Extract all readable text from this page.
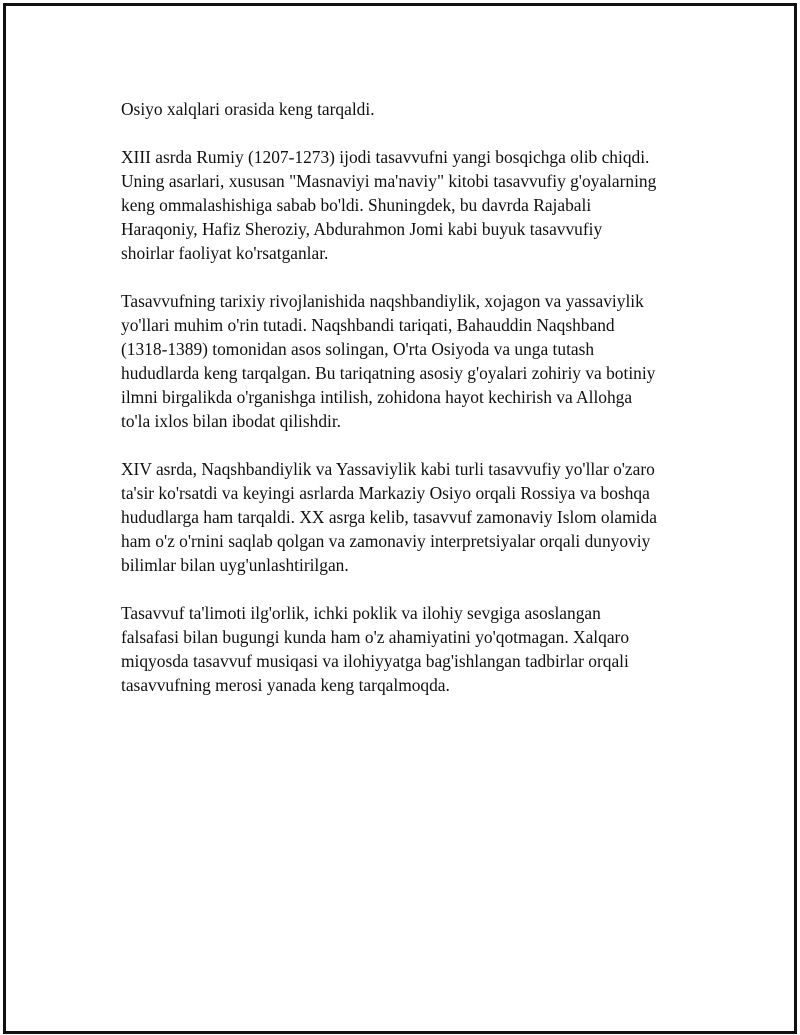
Osiyo xalqlari orasida keng tarqaldi.

XIII asrda Rumiy (1207-1273) ijodi tasavvufni yangi bosqichga olib chiqdi.
Uning asarlari, xususan "Masnaviyi ma'naviy" kitobi tasavvufiy g'oyalarning
keng ommalashishiga sabab bo'ldi. Shuningdek, bu davrda Rajabali
Haraqoniy, Hafiz Sheroziy, Abdurahmon Jomi kabi buyuk tasavvufiy
shoirlar faoliyat ko'rsatganlar.

Tasavvufning tarixiy rivojlanishida naqshbandiylik, xojagon va yassaviylik
yo'llari muhim o'rin tutadi. Naqshbandi tariqati, Bahauddin Naqshband
(1318-1389) tomonidan asos solingan, O'rta Osiyoda va unga tutash
hududlarda keng tarqalgan. Bu tariqatning asosiy g'oyalari zohiriy va botiniy
ilmni birgalikda o'rganishga intilish, zohidona hayot kechirish va Allohga
to'la ixlos bilan ibodat qilishdir.

XIV asrda, Naqshbandiylik va Yassaviylik kabi turli tasavvufiy yo'llar o'zaro
ta'sir ko'rsatdi va keyingi asrlarda Markaziy Osiyo orqali Rossiya va boshqa
hududlarga ham tarqaldi. XX asrga kelib, tasavvuf zamonaviy Islom olamida
ham o'z o'rnini saqlab qolgan va zamonaviy interpretsiyalar orqali dunyoviy
bilimlar bilan uyg'unlashtirilgan.

Tasavvuf ta'limoti ilg'orlik, ichki poklik va ilohiy sevgiga asoslangan
falsafasi bilan bugungi kunda ham o'z ahamiyatini yo'qotmagan. Xalqaro
miqyosda tasavvuf musiqasi va ilohiyyatga bag'ishlangan tadbirlar orqali
tasavvufning merosi yanada keng tarqalmoqda.
